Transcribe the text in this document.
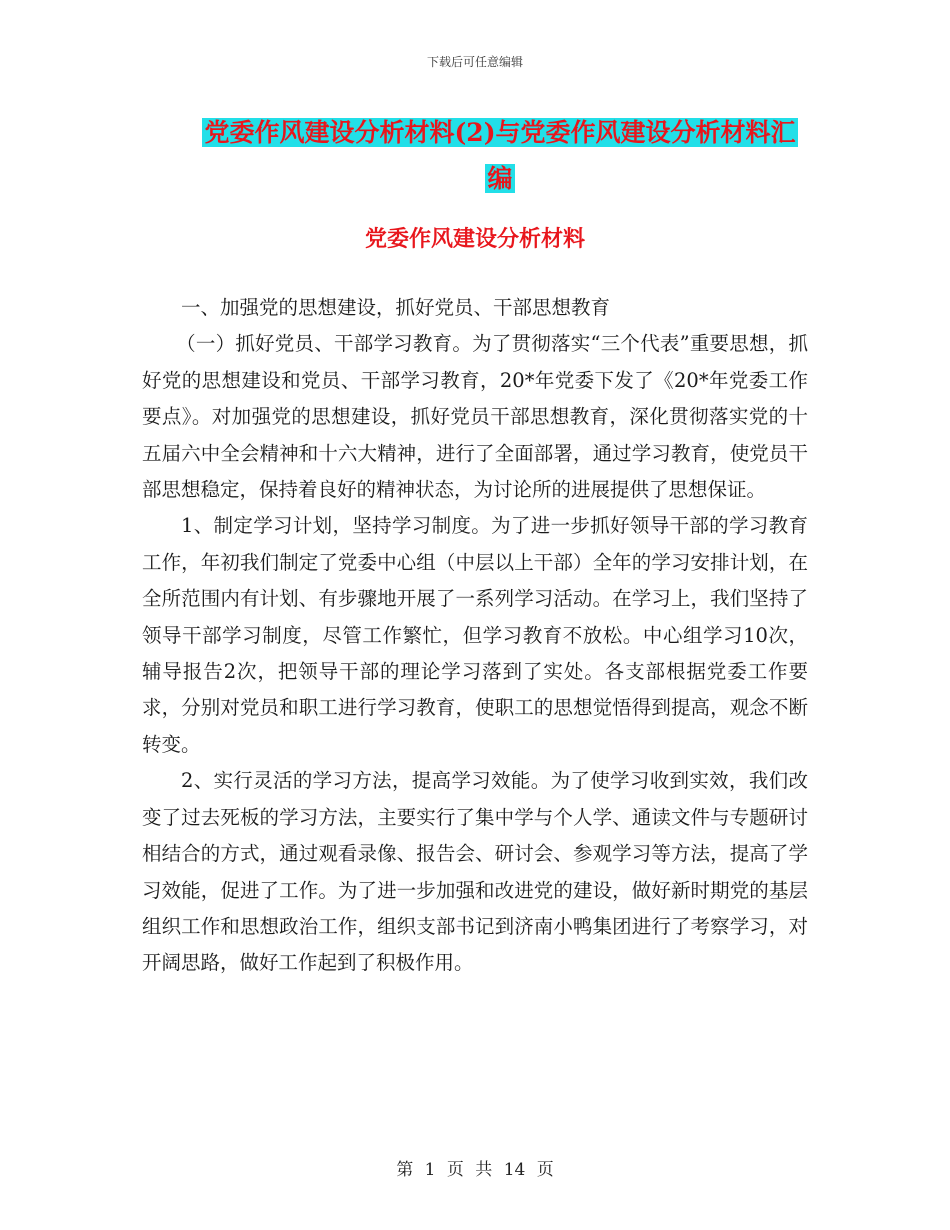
下载后可任意编辑
党委作风建设分析材料(2)与党委作风建设分析材料汇
编
党委作风建设分析材料

一、加强党的思想建设，抓好党员、干部思想教育

（一）抓好党员、干部学习教育。为了贯彻落实“三个代表”重要思想，抓好党的思想建设和党员、干部学习教育，20*年党委下发了《20*年党委工作要点》。对加强党的思想建设，抓好党员干部思想教育，深化贯彻落实党的十五届六中全会精神和十六大精神，进行了全面部署，通过学习教育，使党员干部思想稳定，保持着良好的精神状态，为讨论所的进展提供了思想保证。

1、制定学习计划，坚持学习制度。为了进一步抓好领导干部的学习教育工作，年初我们制定了党委中心组（中层以上干部）全年的学习安排计划，在全所范围内有计划、有步骤地开展了一系列学习活动。在学习上，我们坚持了领导干部学习制度，尽管工作繁忙，但学习教育不放松。中心组学习10次，辅导报告2次，把领导干部的理论学习落到了实处。各支部根据党委工作要求，分别对党员和职工进行学习教育，使职工的思想觉悟得到提高，观念不断转变。

2、实行灵活的学习方法，提高学习效能。为了使学习收到实效，我们改变了过去死板的学习方法，主要实行了集中学与个人学、通读文件与专题研讨相结合的方式，通过观看录像、报告会、研讨会、参观学习等方法，提高了学习效能，促进了工作。为了进一步加强和改进党的建设，做好新时期党的基层组织工作和思想政治工作，组织支部书记到济南小鸭集团进行了考察学习，对开阔思路，做好工作起到了积极作用。

第 1 页 共 14 页
